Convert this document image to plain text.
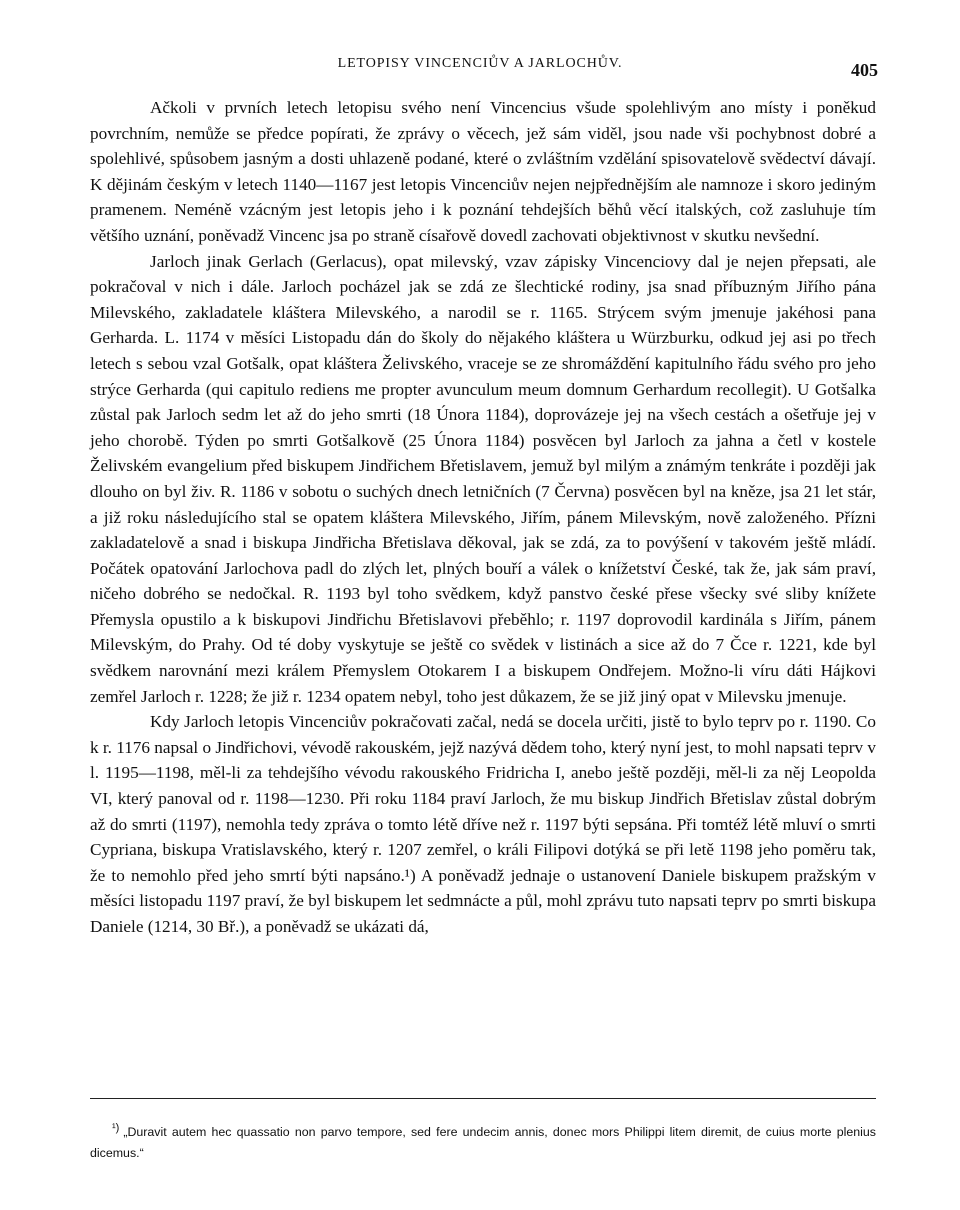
LETOPISY VINCENCIŮV A JARLOCHŮV.	405

Ačkoli v prvních letech letopisu svého není Vincencius všude spolehlivým ano místy i poněkud povrchním, nemůže se předce popírati, že zprávy o věcech, jež sám viděl, jsou nade vši pochybnost dobré a spolehlivé, spůsobem jasným a dosti uhlazeně podané, které o zvláštním vzdělání spisovatelově svědectví dávají. K dějinám českým v letech 1140—1167 jest letopis Vincenciův nejen nejpřednějším ale namnoze i skoro jediným pramenem. Neméně vzácným jest letopis jeho i k poznání tehdejších běhů věcí italských, což zasluhuje tím většího uznání, poněvadž Vincenc jsa po straně císařově dovedl zachovati objektivnost v skutku nevšední.

Jarloch jinak Gerlach (Gerlacus), opat milevský, vzav zápisky Vincenciovy dal je nejen přepsati, ale pokračoval v nich i dále. Jarloch pocházel jak se zdá ze šlechtické rodiny, jsa snad příbuzným Jiřího pána Milevského, zakladatele kláštera Milevského, a narodil se r. 1165. Strýcem svým jmenuje jakéhosi pana Gerharda. L. 1174 v měsíci Listopadu dán do školy do nějakého kláštera u Würzburku, odkud jej asi po třech letech s sebou vzal Gotšalk, opat kláštera Želivského, vraceje se ze shromáždění kapitulního řádu svého pro jeho strýce Gerharda (qui capitulo rediens me propter avunculum meum domnum Gerhardum recollegit). U Gotšalka zůstal pak Jarloch sedm let až do jeho smrti (18 Února 1184), doprovázeje jej na všech cestách a ošetřuje jej v jeho chorobě. Týden po smrti Gotšalkově (25 Února 1184) posvěcen byl Jarloch za jahna a četl v kostele Želivském evangelium před biskupem Jindřichem Břetislavem, jemuž byl milým a známým tenkráte i později jak dlouho on byl živ. R. 1186 v sobotu o suchých dnech letničních (7 Června) posvěcen byl na kněze, jsa 21 let stár, a již roku následujícího stal se opatem kláštera Milevského, Jiřím, pánem Milevským, nově založeného. Přízni zakladatelově a snad i biskupa Jindřicha Břetislava děkoval, jak se zdá, za to povýšení v takovém ještě mládí. Počátek opatování Jarlochova padl do zlých let, plných bouří a válek o knížetství České, tak že, jak sám praví, ničeho dobrého se nedočkal. R. 1193 byl toho svědkem, když panstvo české přese všecky své sliby knížete Přemysla opustilo a k biskupovi Jindřichu Břetislavovi přeběhlo; r. 1197 doprovodil kardinála s Jiřím, pánem Milevským, do Prahy. Od té doby vyskytuje se ještě co svědek v listinách a sice až do 7 Čce r. 1221, kde byl svědkem narovnání mezi králem Přemyslem Otokarem I a biskupem Ondřejem. Možno-li víru dáti Hájkovi zemřel Jarloch r. 1228; že již r. 1234 opatem nebyl, toho jest důkazem, že se již jiný opat v Milevsku jmenuje.

Kdy Jarloch letopis Vincenciův pokračovati začal, nedá se docela určiti, jistě to bylo teprv po r. 1190. Co k r. 1176 napsal o Jindřichovi, vévodě rakouském, jejž nazývá dědem toho, který nyní jest, to mohl napsati teprv v l. 1195—1198, měl-li za tehdejšího vévodu rakouského Fridricha I, anebo ještě později, měl-li za něj Leopolda VI, který panoval od r. 1198—1230. Při roku 1184 praví Jarloch, že mu biskup Jindřich Břetislav zůstal dobrým až do smrti (1197), nemohla tedy zpráva o tomto létě dříve než r. 1197 býti sepsána. Při tomtéž létě mluví o smrti Cypriana, biskupa Vratislavského, který r. 1207 zemřel, o králi Filipovi dotýká se při letě 1198 jeho poměru tak, že to nemohlo před jeho smrtí býti napsáno.¹) A poněvadž jednaje o ustanovení Daniele biskupem pražským v měsíci listopadu 1197 praví, že byl biskupem let sedmnácte a půl, mohl zprávu tuto napsati teprv po smrti biskupa Daniele (1214, 30 Bř.), a poněvadž se ukázati dá,

¹) „Duravit autem hec quassatio non parvo tempore, sed fere undecim annis, donec mors Philippi litem diremit, de cuius morte plenius dicemus.“
